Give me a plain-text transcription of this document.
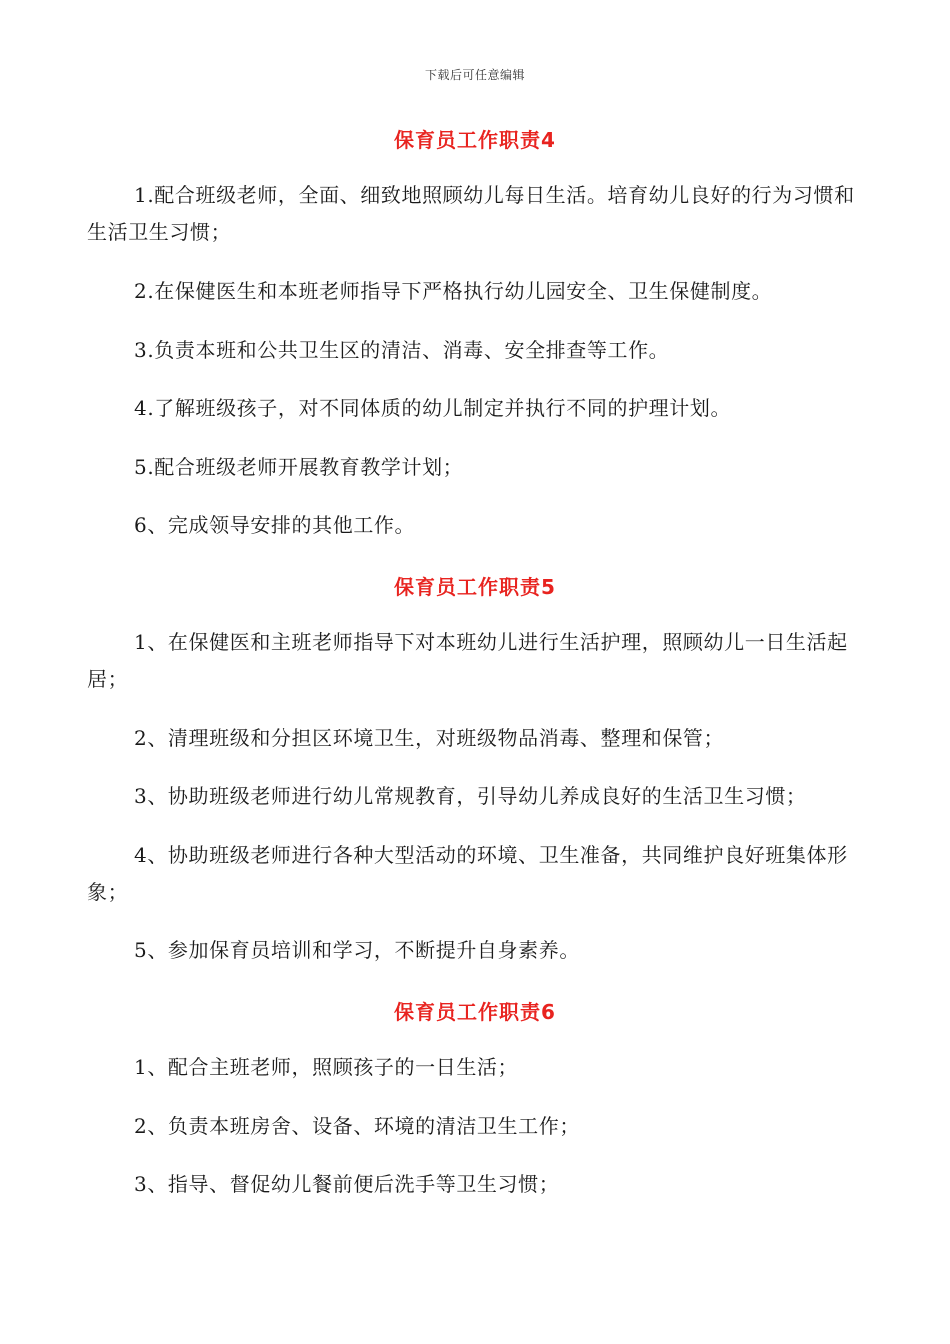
下载后可任意编辑
保育员工作职责4
1.配合班级老师，全面、细致地照顾幼儿每日生活。培育幼儿良好的行为习惯和生活卫生习惯；
2.在保健医生和本班老师指导下严格执行幼儿园安全、卫生保健制度。
3.负责本班和公共卫生区的清洁、消毒、安全排查等工作。
4.了解班级孩子，对不同体质的幼儿制定并执行不同的护理计划。
5.配合班级老师开展教育教学计划；
6、完成领导安排的其他工作。
保育员工作职责5
1、在保健医和主班老师指导下对本班幼儿进行生活护理，照顾幼儿一日生活起居；
2、清理班级和分担区环境卫生，对班级物品消毒、整理和保管；
3、协助班级老师进行幼儿常规教育，引导幼儿养成良好的生活卫生习惯；
4、协助班级老师进行各种大型活动的环境、卫生准备，共同维护良好班集体形象；
5、参加保育员培训和学习，不断提升自身素养。
保育员工作职责6
1、配合主班老师，照顾孩子的一日生活；
2、负责本班房舍、设备、环境的清洁卫生工作；
3、指导、督促幼儿餐前便后洗手等卫生习惯；
